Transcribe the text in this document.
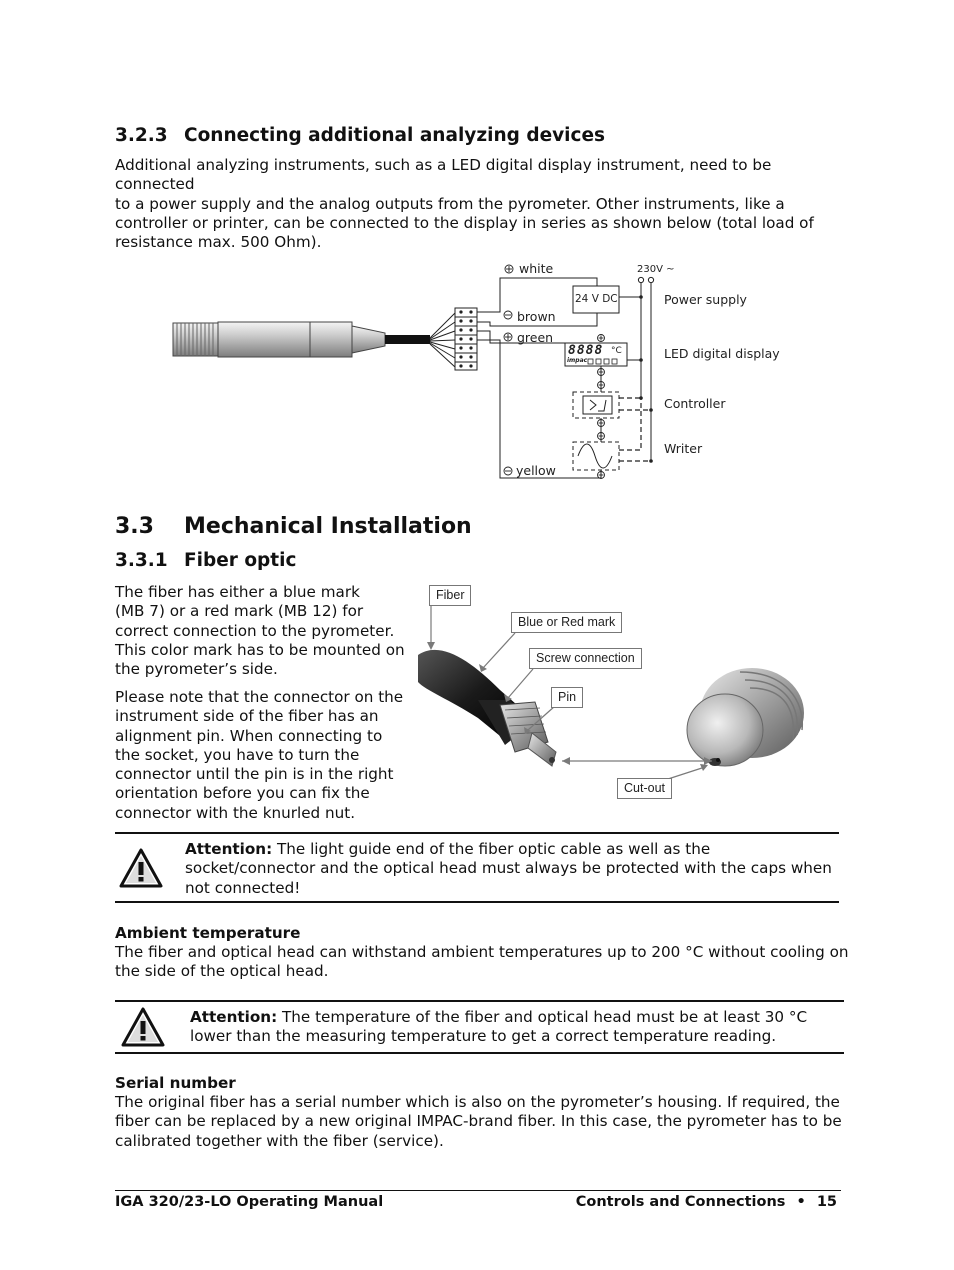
3.2.3 Connecting additional analyzing devices
Additional analyzing instruments, such as a LED digital display instrument, need to be connected
to a power supply and the analog outputs from the pyrometer. Other instruments, like a
controller or printer, can be connected to the display in series as shown below (total load of
resistance max. 500 Ohm).
white
brown
green
yellow
230V ~
24 V DC
8888 °C
impac
Power supply
LED digital display
Controller
Writer
3.3 Mechanical Installation
3.3.1 Fiber optic
The fiber has either a blue mark
(MB 7) or a red mark (MB 12) for
correct connection to the pyrometer.
This color mark has to be mounted on
the pyrometer’s side.
Please note that the connector on the
instrument side of the fiber has an
alignment pin. When connecting to
the socket, you have to turn the
connector until the pin is in the right
orientation before you can fix the
connector with the knurled nut.
Fiber
Blue or Red mark
Screw connection
Pin
Cut-out
Attention: The light guide end of the fiber optic cable as well as the
socket/connector and the optical head must always be protected with the caps when
not connected!
Ambient temperature
The fiber and optical head can withstand ambient temperatures up to 200 °C without cooling on
the side of the optical head.
Attention: The temperature of the fiber and optical head must be at least 30 °C
lower than the measuring temperature to get a correct temperature reading.
Serial number
The original fiber has a serial number which is also on the pyrometer’s housing. If required, the
fiber can be replaced by a new original IMPAC-brand fiber. In this case, the pyrometer has to be
calibrated together with the fiber (service).
IGA 320/23-LO Operating Manual	Controls and Connections • 15
